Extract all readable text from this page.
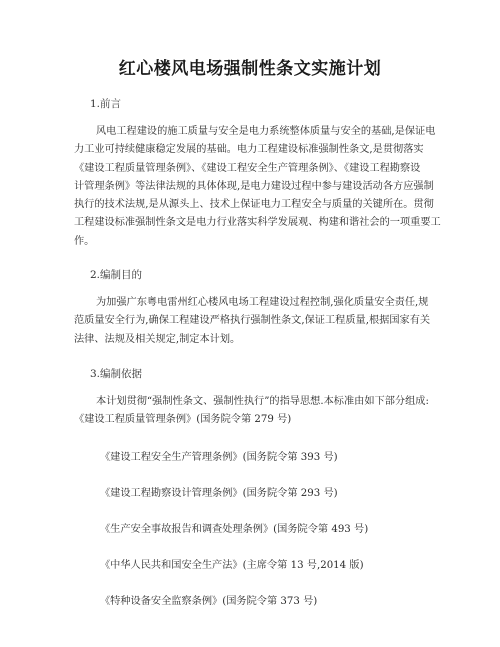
红心楼风电场强制性条文实施计划
1.前言
风电工程建设的施工质量与安全是电力系统整体质量与安全的基础,是保证电
力工业可持续健康稳定发展的基础。电力工程建设标准强制性条文,是贯彻落实
《建设工程质量管理条例》、《建设工程安全生产管理条例》、《建设工程勘察设
计管理条例》等法律法规的具体体现,是电力建设过程中参与建设活动各方应强制
执行的技术法规,是从源头上、技术上保证电力工程安全与质量的关键所在。贯彻
工程建设标准强制性条文是电力行业落实科学发展观、构建和谐社会的一项重要工
作。
2.编制目的
为加强广东粤电雷州红心楼风电场工程建设过程控制,强化质量安全责任,规
范质量安全行为,确保工程建设严格执行强制性条文,保证工程质量,根据国家有关
法律、法规及相关规定,制定本计划。
3.编制依据
本计划贯彻“强制性条文、强制性执行”的指导思想.本标准由如下部分组成:
《建设工程质量管理条例》(国务院令第 279 号)
《建设工程安全生产管理条例》(国务院令第 393 号)
《建设工程勘察设计管理条例》(国务院令第 293 号)
《生产安全事故报告和调查处理条例》(国务院令第 493 号)
《中华人民共和国安全生产法》(主席令第 13 号,2014 版)
《特种设备安全监察条例》(国务院令第 373 号)
